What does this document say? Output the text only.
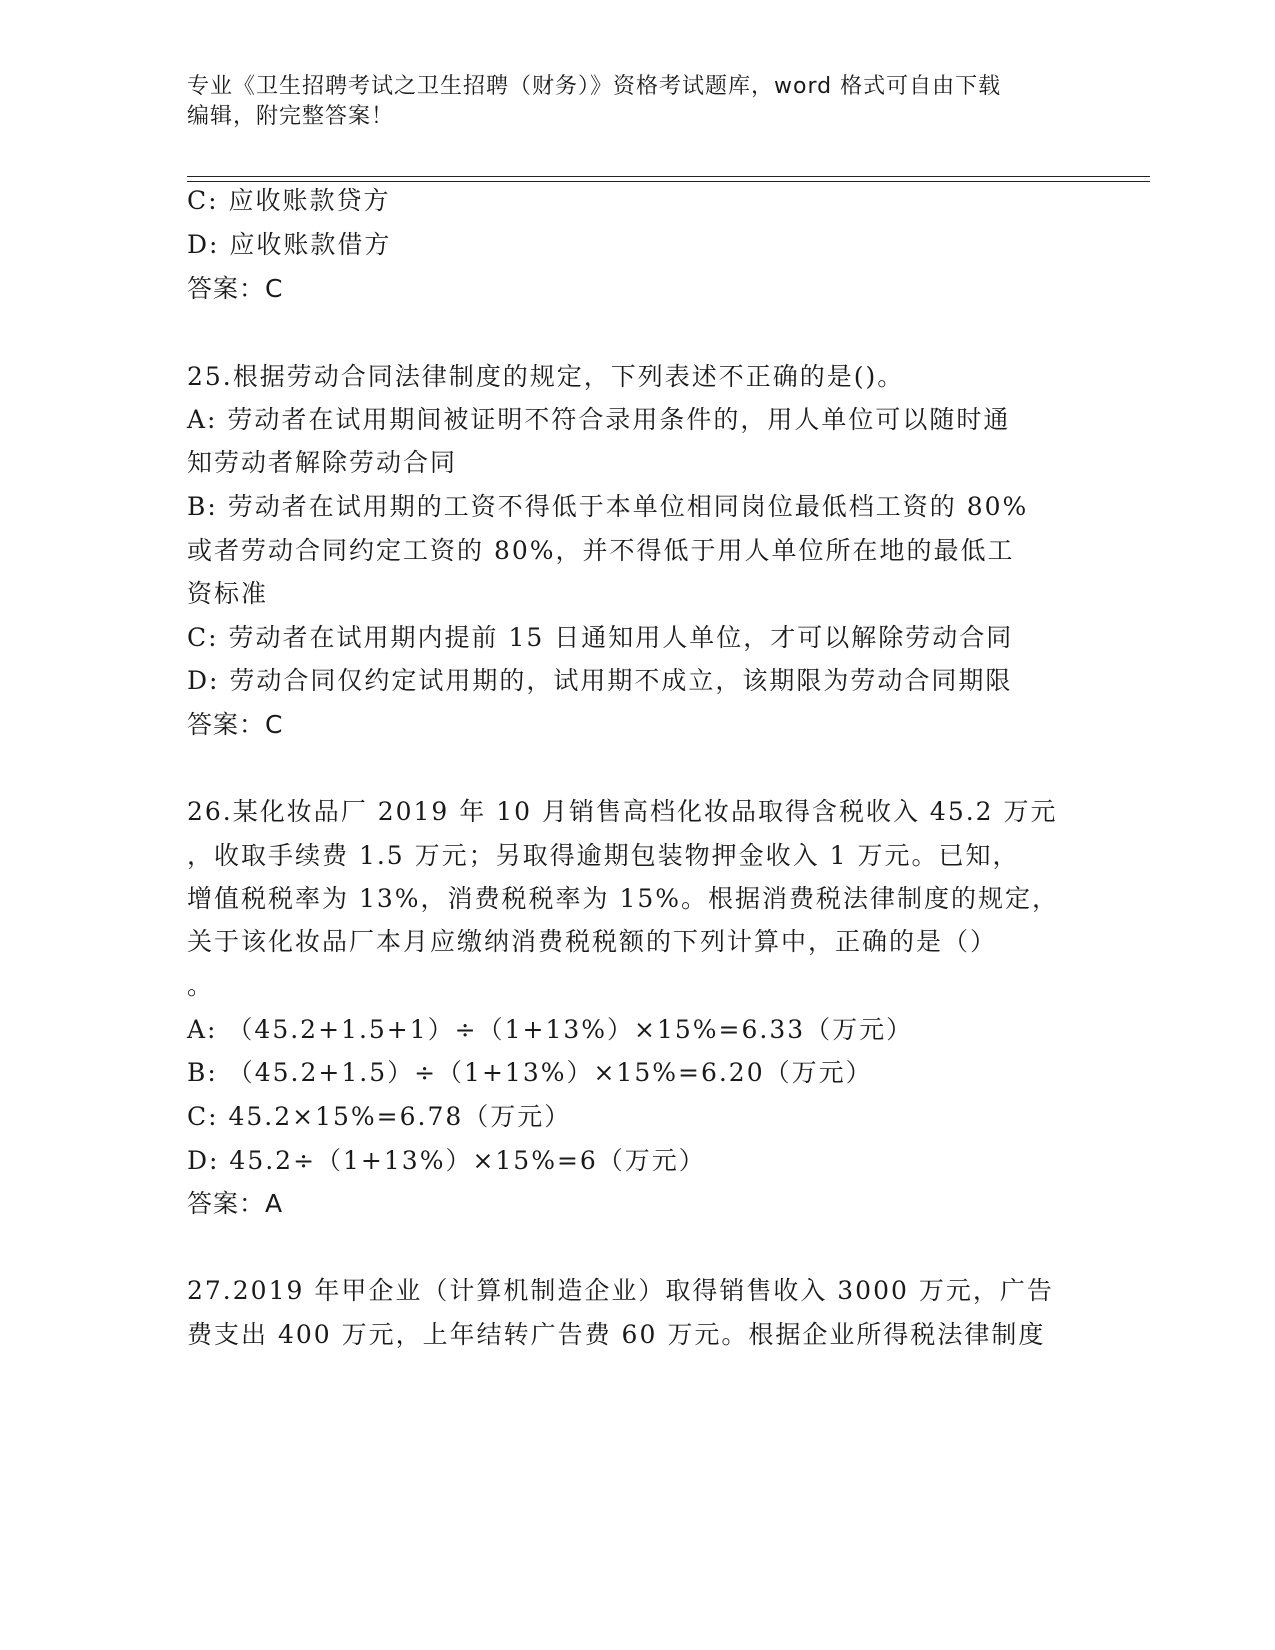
专业《卫生招聘考试之卫生招聘（财务）》资格考试题库，word 格式可自由下载
编辑，附完整答案！
C: 应收账款贷方
D: 应收账款借方
答案：C
25.根据劳动合同法律制度的规定，下列表述不正确的是()。
A: 劳动者在试用期间被证明不符合录用条件的，用人单位可以随时通
知劳动者解除劳动合同
B: 劳动者在试用期的工资不得低于本单位相同岗位最低档工资的 80%
或者劳动合同约定工资的 80%，并不得低于用人单位所在地的最低工
资标准
C: 劳动者在试用期内提前 15 日通知用人单位，才可以解除劳动合同
D: 劳动合同仅约定试用期的，试用期不成立，该期限为劳动合同期限
答案：C
26.某化妆品厂 2019 年 10 月销售高档化妆品取得含税收入 45.2 万元
，收取手续费 1.5 万元；另取得逾期包装物押金收入 1 万元。已知，
增值税税率为 13%，消费税税率为 15%。根据消费税法律制度的规定，
关于该化妆品厂本月应缴纳消费税税额的下列计算中，正确的是（）
。
A: （45.2+1.5+1）÷（1+13%）×15%=6.33（万元）
B: （45.2+1.5）÷（1+13%）×15%=6.20（万元）
C: 45.2×15%=6.78（万元）
D: 45.2÷（1+13%）×15%=6（万元）
答案：A
27.2019 年甲企业（计算机制造企业）取得销售收入 3000 万元，广告
费支出 400 万元，上年结转广告费 60 万元。根据企业所得税法律制度
